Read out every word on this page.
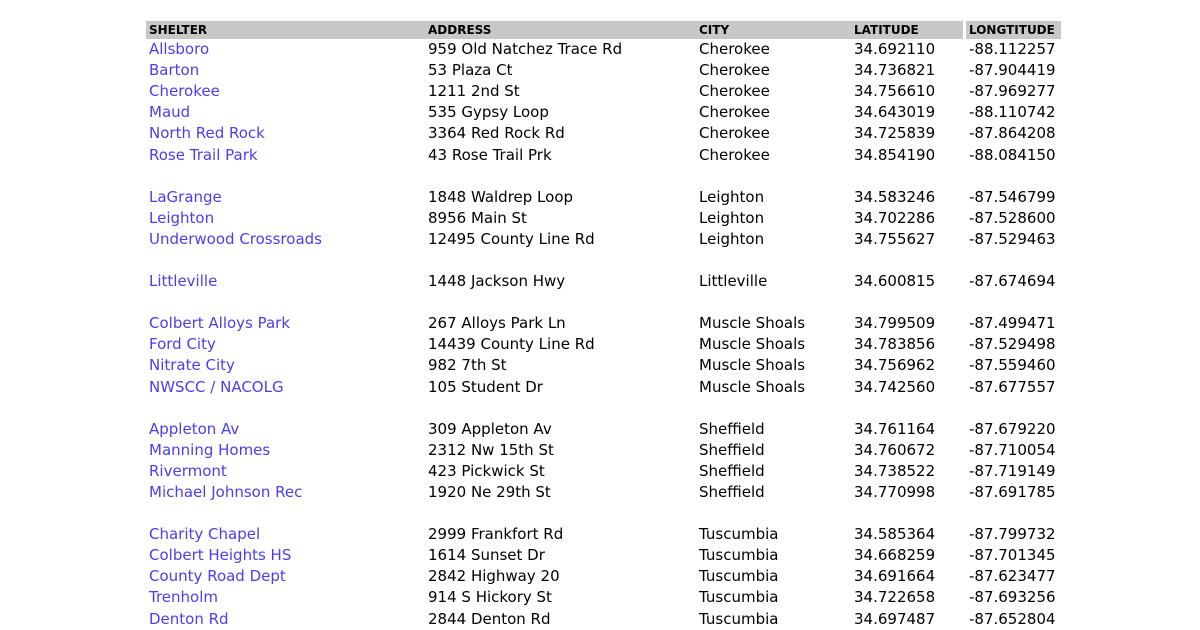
SHELTER	ADDRESS	CITY	LATITUDE		LONGTITUDE
Allsboro	959 Old Natchez Trace Rd	Cherokee	34.692110		-88.112257
Barton	53 Plaza Ct	Cherokee	34.736821		-87.904419
Cherokee	1211 2nd St	Cherokee	34.756610		-87.969277
Maud	535 Gypsy Loop	Cherokee	34.643019		-88.110742
North Red Rock	3364 Red Rock Rd	Cherokee	34.725839		-87.864208
Rose Trail Park	43 Rose Trail Prk	Cherokee	34.854190		-88.084150

LaGrange	1848 Waldrep Loop	Leighton	34.583246		-87.546799
Leighton	8956 Main St	Leighton	34.702286		-87.528600
Underwood Crossroads	12495 County Line Rd	Leighton	34.755627		-87.529463

Littleville	1448 Jackson Hwy	Littleville	34.600815		-87.674694

Colbert Alloys Park	267 Alloys Park Ln	Muscle Shoals	34.799509		-87.499471
Ford City	14439 County Line Rd	Muscle Shoals	34.783856		-87.529498
Nitrate City	982 7th St	Muscle Shoals	34.756962		-87.559460
NWSCC / NACOLG	105 Student Dr	Muscle Shoals	34.742560		-87.677557

Appleton Av	309 Appleton Av	Sheffield	34.761164		-87.679220
Manning Homes	2312 Nw 15th St	Sheffield	34.760672		-87.710054
Rivermont	423 Pickwick St	Sheffield	34.738522		-87.719149
Michael Johnson Rec	1920 Ne 29th St	Sheffield	34.770998		-87.691785

Charity Chapel	2999 Frankfort Rd	Tuscumbia	34.585364		-87.799732
Colbert Heights HS	1614 Sunset Dr	Tuscumbia	34.668259		-87.701345
County Road Dept	2842 Highway 20	Tuscumbia	34.691664		-87.623477
Trenholm	914 S Hickory St	Tuscumbia	34.722658		-87.693256
Denton Rd	2844 Denton Rd	Tuscumbia	34.697487		-87.652804
